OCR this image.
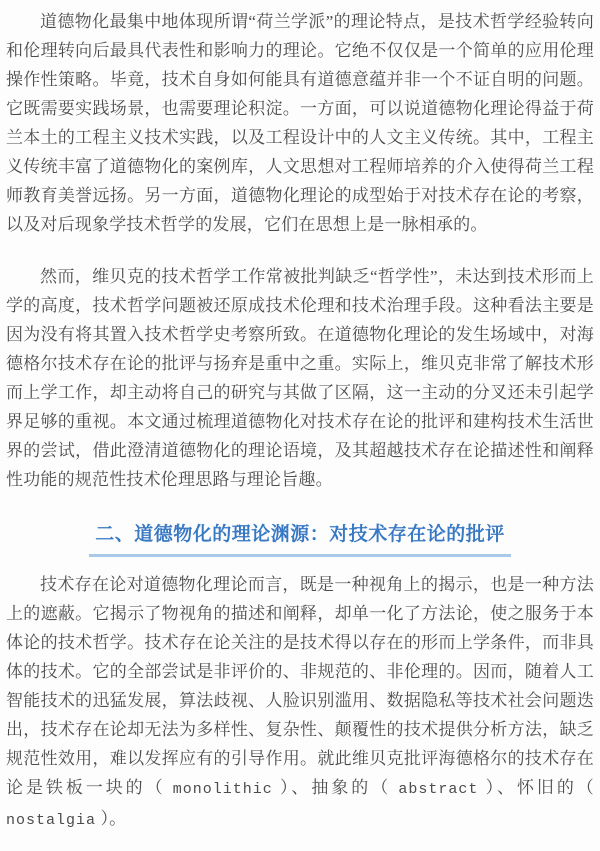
道德物化最集中地体现所谓“荷兰学派”的理论特点，是技术哲学经验转向和伦理转向后最具代表性和影响力的理论。它绝不仅仅是一个简单的应用伦理操作性策略。毕竟，技术自身如何能具有道德意蕴并非一个不证自明的问题。它既需要实践场景，也需要理论积淀。一方面，可以说道德物化理论得益于荷兰本土的工程主义技术实践，以及工程设计中的人文主义传统。其中，工程主义传统丰富了道德物化的案例库，人文思想对工程师培养的介入使得荷兰工程师教育美誉远扬。另一方面，道德物化理论的成型始于对技术存在论的考察，以及对后现象学技术哲学的发展，它们在思想上是一脉相承的。

然而，维贝克的技术哲学工作常被批判缺乏“哲学性”，未达到技术形而上学的高度，技术哲学问题被还原成技术伦理和技术治理手段。这种看法主要是因为没有将其置入技术哲学史考察所致。在道德物化理论的发生场域中，对海德格尔技术存在论的批评与扬弃是重中之重。实际上，维贝克非常了解技术形而上学工作，却主动将自己的研究与其做了区隔，这一主动的分叉还未引起学界足够的重视。本文通过梳理道德物化对技术存在论的批评和建构技术生活世界的尝试，借此澄清道德物化的理论语境，及其超越技术存在论描述性和阐释性功能的规范性技术伦理思路与理论旨趣。

二、道德物化的理论渊源：对技术存在论的批评

技术存在论对道德物化理论而言，既是一种视角上的揭示，也是一种方法上的遮蔽。它揭示了物视角的描述和阐释，却单一化了方法论，使之服务于本体论的技术哲学。技术存在论关注的是技术得以存在的形而上学条件，而非具体的技术。它的全部尝试是非评价的、非规范的、非伦理的。因而，随着人工智能技术的迅猛发展，算法歧视、人脸识别滥用、数据隐私等技术社会问题迭出，技术存在论却无法为多样性、复杂性、颠覆性的技术提供分析方法，缺乏规范性效用，难以发挥应有的引导作用。就此维贝克批评海德格尔的技术存在论是铁板一块的（ monolithic ）、抽象的（ abstract ）、怀旧的（ nostalgia ）。
